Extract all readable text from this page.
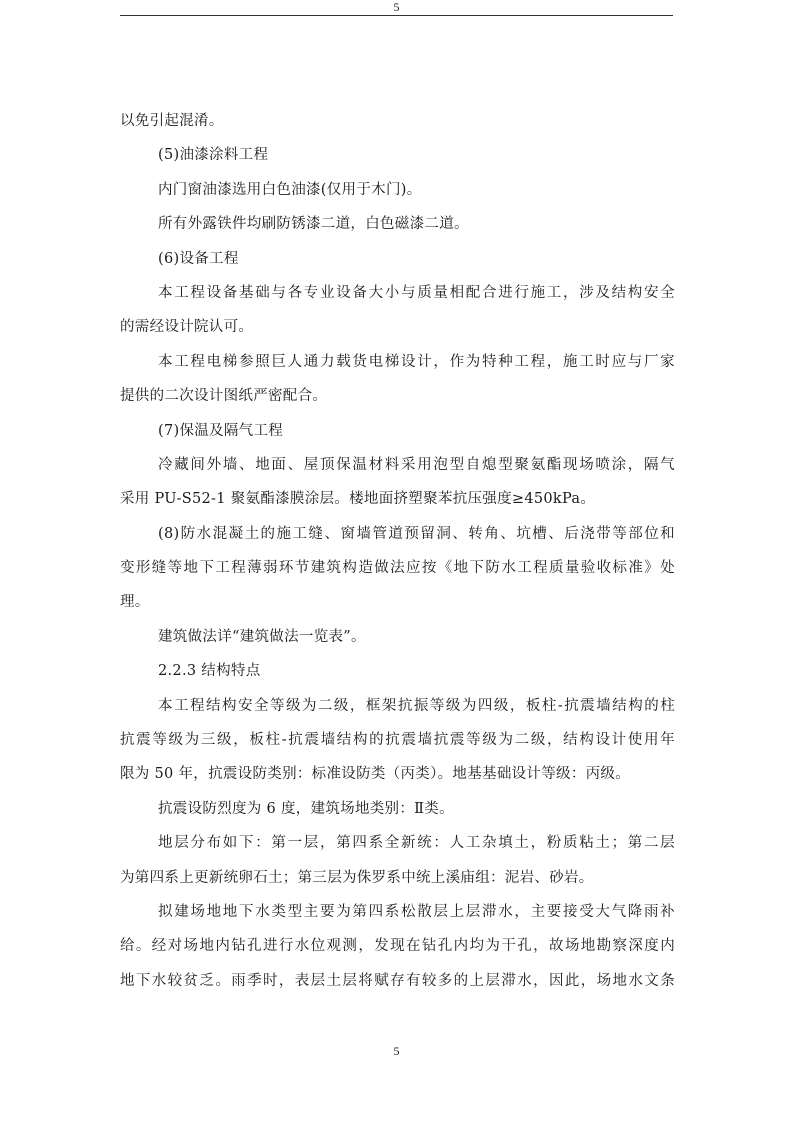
5
以免引起混淆。
(5)油漆涂料工程
内门窗油漆选用白色油漆(仅用于木门)。
所有外露铁件均刷防锈漆二道，白色磁漆二道。
(6)设备工程
本工程设备基础与各专业设备大小与质量相配合进行施工，涉及结构安全
的需经设计院认可。
本工程电梯参照巨人通力载货电梯设计，作为特种工程，施工时应与厂家
提供的二次设计图纸严密配合。
(7)保温及隔气工程
冷藏间外墙、地面、屋顶保温材料采用泡型自熄型聚氨酯现场喷涂，隔气
采用 PU-S52-1 聚氨酯漆膜涂层。楼地面挤塑聚苯抗压强度≥450kPa。
(8)防水混凝土的施工缝、窗墙管道预留洞、转角、坑槽、后浇带等部位和
变形缝等地下工程薄弱环节建筑构造做法应按《地下防水工程质量验收标准》处
理。
建筑做法详“建筑做法一览表”。
2.2.3 结构特点
本工程结构安全等级为二级，框架抗振等级为四级，板柱-抗震墙结构的柱
抗震等级为三级，板柱-抗震墙结构的抗震墙抗震等级为二级，结构设计使用年
限为 50 年，抗震设防类别：标准设防类（丙类）。地基基础设计等级：丙级。
抗震设防烈度为 6 度，建筑场地类别：Ⅱ类。
地层分布如下：第一层，第四系全新统：人工杂填土，粉质粘土；第二层
为第四系上更新统卵石土；第三层为侏罗系中统上溪庙组：泥岩、砂岩。
拟建场地地下水类型主要为第四系松散层上层滞水，主要接受大气降雨补
给。经对场地内钻孔进行水位观测，发现在钻孔内均为干孔，故场地勘察深度内
地下水较贫乏。雨季时，表层土层将赋存有较多的上层滞水，因此，场地水文条
5
